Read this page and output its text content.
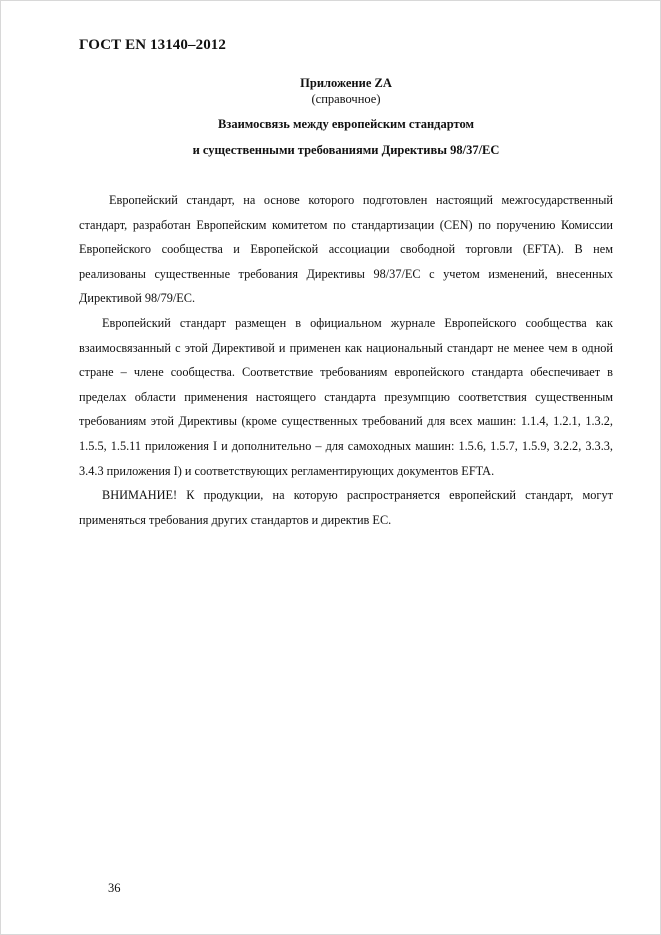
ГОСТ EN 13140–2012
Приложение ZA
(справочное)
Взаимосвязь между европейским стандартом
и существенными требованиями Директивы 98/37/EC

Европейский стандарт, на основе которого подготовлен настоящий межгосударственный стандарт, разработан Европейским комитетом по стандартизации (CEN) по поручению Комиссии Европейского сообщества и Европейской ассоциации свободной торговли (EFTA). В нем реализованы существенные требования Директивы 98/37/EC с учетом изменений, внесенных Директивой 98/79/EC.

Европейский стандарт размещен в официальном журнале Европейского сообщества как взаимосвязанный с этой Директивой и применен как национальный стандарт не менее чем в одной стране – члене сообщества. Соответствие требованиям европейского стандарта обеспечивает в пределах области применения настоящего стандарта презумпцию соответствия существенным требованиям этой Директивы (кроме существенных требований для всех машин: 1.1.4, 1.2.1, 1.3.2, 1.5.5, 1.5.11 приложения I и дополнительно – для самоходных машин: 1.5.6, 1.5.7, 1.5.9, 3.2.2, 3.3.3, 3.4.3 приложения I) и соответствующих регламентирующих документов EFTA.

ВНИМАНИЕ! К продукции, на которую распространяется европейский стандарт, могут применяться требования других стандартов и директив EC.

36
